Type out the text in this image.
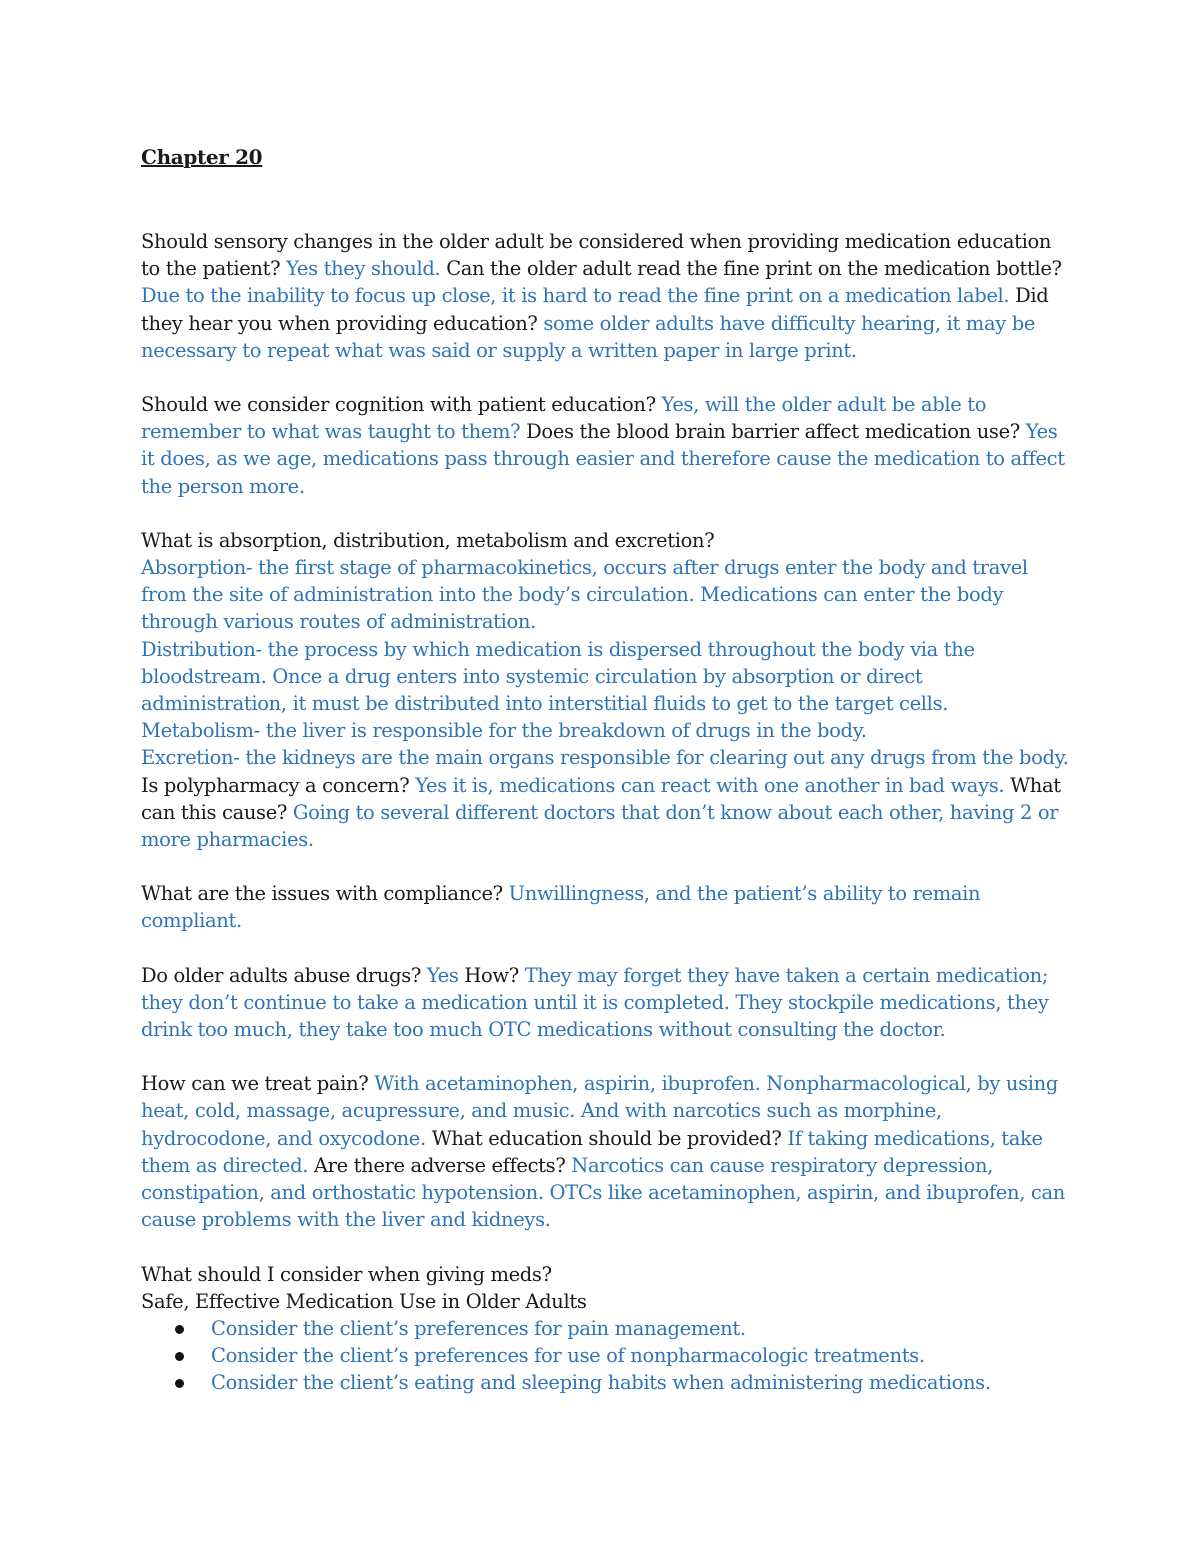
Chapter 20

Should sensory changes in the older adult be considered when providing medication education to the patient? Yes they should. Can the older adult read the fine print on the medication bottle? Due to the inability to focus up close, it is hard to read the fine print on a medication label. Did they hear you when providing education? some older adults have difficulty hearing, it may be necessary to repeat what was said or supply a written paper in large print.

Should we consider cognition with patient education? Yes, will the older adult be able to remember to what was taught to them? Does the blood brain barrier affect medication use? Yes it does, as we age, medications pass through easier and therefore cause the medication to affect the person more.

What is absorption, distribution, metabolism and excretion?

Absorption- the first stage of pharmacokinetics, occurs after drugs enter the body and travel from the site of administration into the body’s circulation. Medications can enter the body through various routes of administration.

Distribution- the process by which medication is dispersed throughout the body via the bloodstream. Once a drug enters into systemic circulation by absorption or direct administration, it must be distributed into interstitial fluids to get to the target cells.

Metabolism- the liver is responsible for the breakdown of drugs in the body.

Excretion- the kidneys are the main organs responsible for clearing out any drugs from the body.

Is polypharmacy a concern? Yes it is, medications can react with one another in bad ways. What can this cause? Going to several different doctors that don’t know about each other, having 2 or more pharmacies.

What are the issues with compliance? Unwillingness, and the patient’s ability to remain compliant.

Do older adults abuse drugs? Yes How? They may forget they have taken a certain medication; they don’t continue to take a medication until it is completed. They stockpile medications, they drink too much, they take too much OTC medications without consulting the doctor.

How can we treat pain? With acetaminophen, aspirin, ibuprofen. Nonpharmacological, by using heat, cold, massage, acupressure, and music. And with narcotics such as morphine, hydrocodone, and oxycodone. What education should be provided? If taking medications, take them as directed. Are there adverse effects? Narcotics can cause respiratory depression, constipation, and orthostatic hypotension. OTCs like acetaminophen, aspirin, and ibuprofen, can cause problems with the liver and kidneys.

What should I consider when giving meds?

Safe, Effective Medication Use in Older Adults

Consider the client’s preferences for pain management.
Consider the client’s preferences for use of nonpharmacologic treatments.
Consider the client’s eating and sleeping habits when administering medications.
